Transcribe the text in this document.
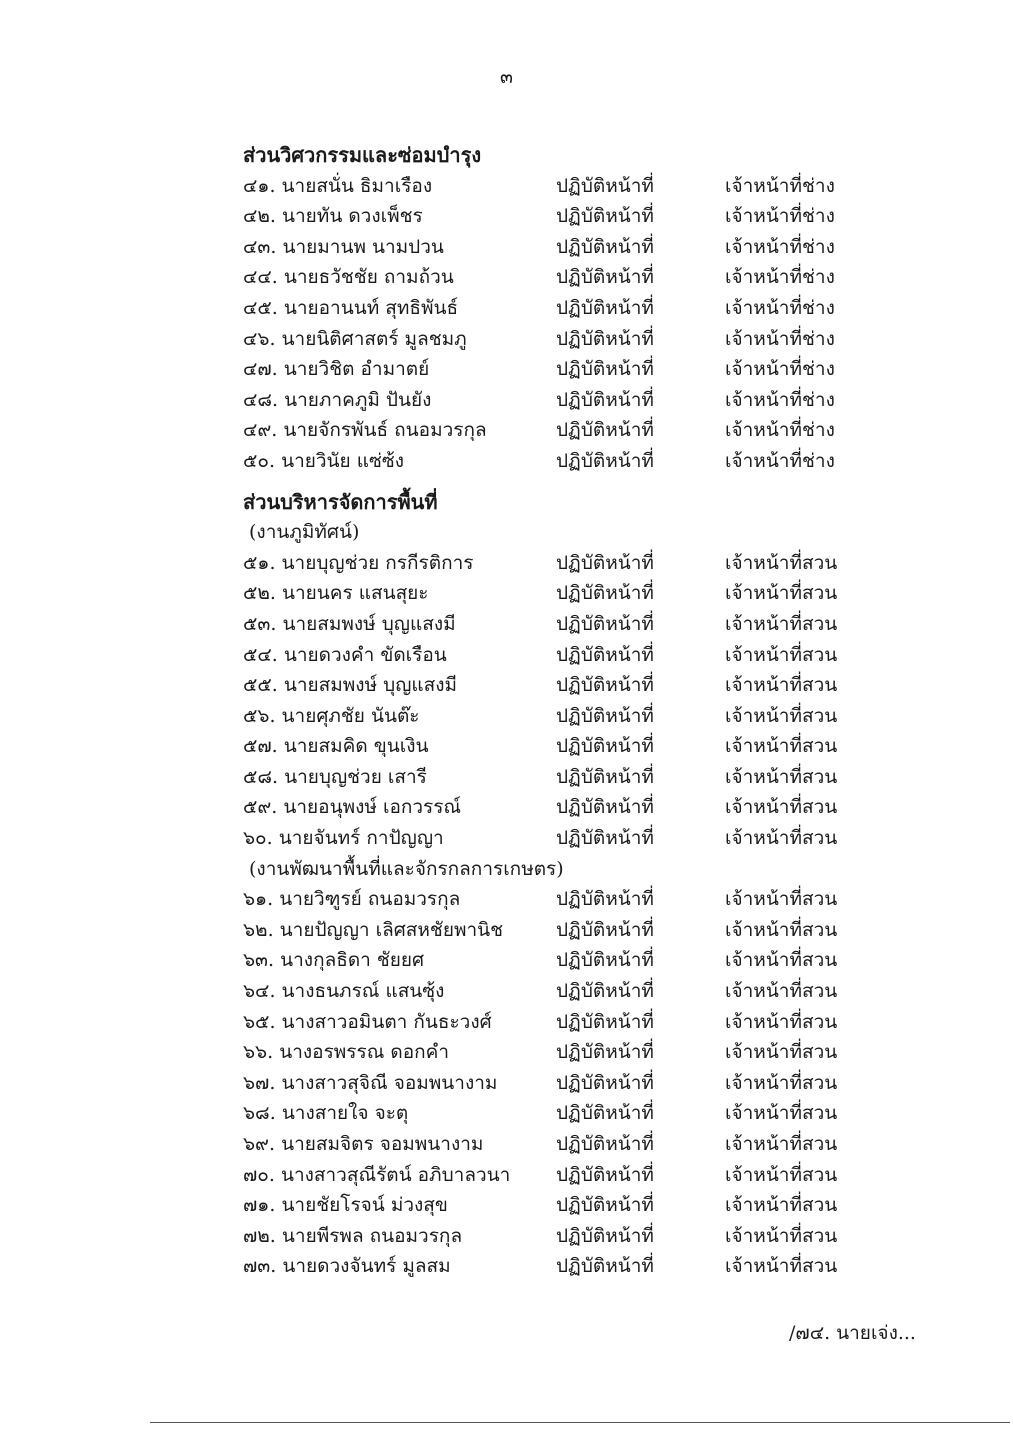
๓
ส่วนวิศวกรรมและซ่อมบำรุง
๔๑. นายสนั่น ธิมาเรือง	ปฏิบัติหน้าที่	เจ้าหน้าที่ช่าง
๔๒. นายทัน ดวงเพ็ชร	ปฏิบัติหน้าที่	เจ้าหน้าที่ช่าง
๔๓. นายมานพ นามปวน	ปฏิบัติหน้าที่	เจ้าหน้าที่ช่าง
๔๔. นายธวัชชัย ถามถ้วน	ปฏิบัติหน้าที่	เจ้าหน้าที่ช่าง
๔๕. นายอานนท์ สุทธิพันธ์	ปฏิบัติหน้าที่	เจ้าหน้าที่ช่าง
๔๖. นายนิติศาสตร์ มูลชมภู	ปฏิบัติหน้าที่	เจ้าหน้าที่ช่าง
๔๗. นายวิชิต อำมาตย์	ปฏิบัติหน้าที่	เจ้าหน้าที่ช่าง
๔๘. นายภาคภูมิ ปันยัง	ปฏิบัติหน้าที่	เจ้าหน้าที่ช่าง
๔๙. นายจักรพันธ์ ถนอมวรกุล	ปฏิบัติหน้าที่	เจ้าหน้าที่ช่าง
๕๐. นายวินัย แซ่ซ้ง	ปฏิบัติหน้าที่	เจ้าหน้าที่ช่าง
ส่วนบริหารจัดการพื้นที่
(งานภูมิทัศน์)
๕๑. นายบุญช่วย กรกีรติการ	ปฏิบัติหน้าที่	เจ้าหน้าที่สวน
๕๒. นายนคร แสนสุยะ	ปฏิบัติหน้าที่	เจ้าหน้าที่สวน
๕๓. นายสมพงษ์ บุญแสงมี	ปฏิบัติหน้าที่	เจ้าหน้าที่สวน
๕๔. นายดวงคำ ขัดเรือน	ปฏิบัติหน้าที่	เจ้าหน้าที่สวน
๕๕. นายสมพงษ์ บุญแสงมี	ปฏิบัติหน้าที่	เจ้าหน้าที่สวน
๕๖. นายศุภชัย นันต๊ะ	ปฏิบัติหน้าที่	เจ้าหน้าที่สวน
๕๗. นายสมคิด ขุนเงิน	ปฏิบัติหน้าที่	เจ้าหน้าที่สวน
๕๘. นายบุญช่วย เสารี	ปฏิบัติหน้าที่	เจ้าหน้าที่สวน
๕๙. นายอนุพงษ์ เอกวรรณ์	ปฏิบัติหน้าที่	เจ้าหน้าที่สวน
๖๐. นายจันทร์ กาปัญญา	ปฏิบัติหน้าที่	เจ้าหน้าที่สวน
(งานพัฒนาพื้นที่และจักรกลการเกษตร)
๖๑. นายวิฑูรย์ ถนอมวรกุล	ปฏิบัติหน้าที่	เจ้าหน้าที่สวน
๖๒. นายปัญญา เลิศสหชัยพานิช	ปฏิบัติหน้าที่	เจ้าหน้าที่สวน
๖๓. นางกุลธิดา ชัยยศ	ปฏิบัติหน้าที่	เจ้าหน้าที่สวน
๖๔. นางธนภรณ์ แสนซุ้ง	ปฏิบัติหน้าที่	เจ้าหน้าที่สวน
๖๕. นางสาวอมินตา กันธะวงศ์	ปฏิบัติหน้าที่	เจ้าหน้าที่สวน
๖๖. นางอรพรรณ ดอกคำ	ปฏิบัติหน้าที่	เจ้าหน้าที่สวน
๖๗. นางสาวสุจิณี จอมพนางาม	ปฏิบัติหน้าที่	เจ้าหน้าที่สวน
๖๘. นางสายใจ จะตุ	ปฏิบัติหน้าที่	เจ้าหน้าที่สวน
๖๙. นายสมจิตร จอมพนางาม	ปฏิบัติหน้าที่	เจ้าหน้าที่สวน
๗๐. นางสาวสุณีรัตน์ อภิบาลวนา ปฏิบัติหน้าที่	เจ้าหน้าที่สวน
๗๑. นายชัยโรจน์ ม่วงสุข	ปฏิบัติหน้าที่	เจ้าหน้าที่สวน
๗๒. นายพีรพล ถนอมวรกุล	ปฏิบัติหน้าที่	เจ้าหน้าที่สวน
๗๓. นายดวงจันทร์ มูลสม	ปฏิบัติหน้าที่	เจ้าหน้าที่สวน
/๗๔. นายเจ่ง...
